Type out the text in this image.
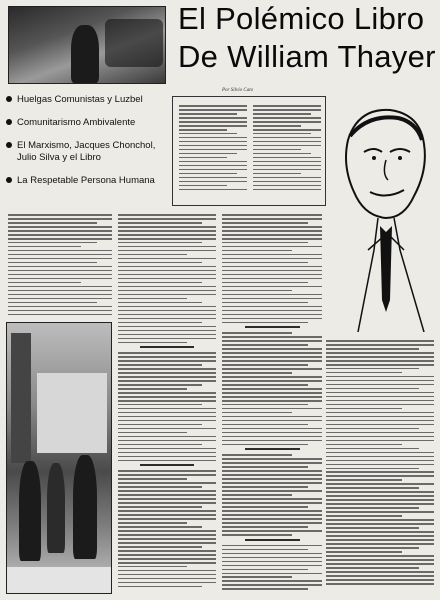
El Polémico Libro
De William Thayer
Por Silvio Cato
Huelgas Comunistas y Luzbel
Comunitarismo Ambivalente
El Marxismo, Jacques Chonchol, Julio Silva y el Libro
La Respetable Persona Humana
